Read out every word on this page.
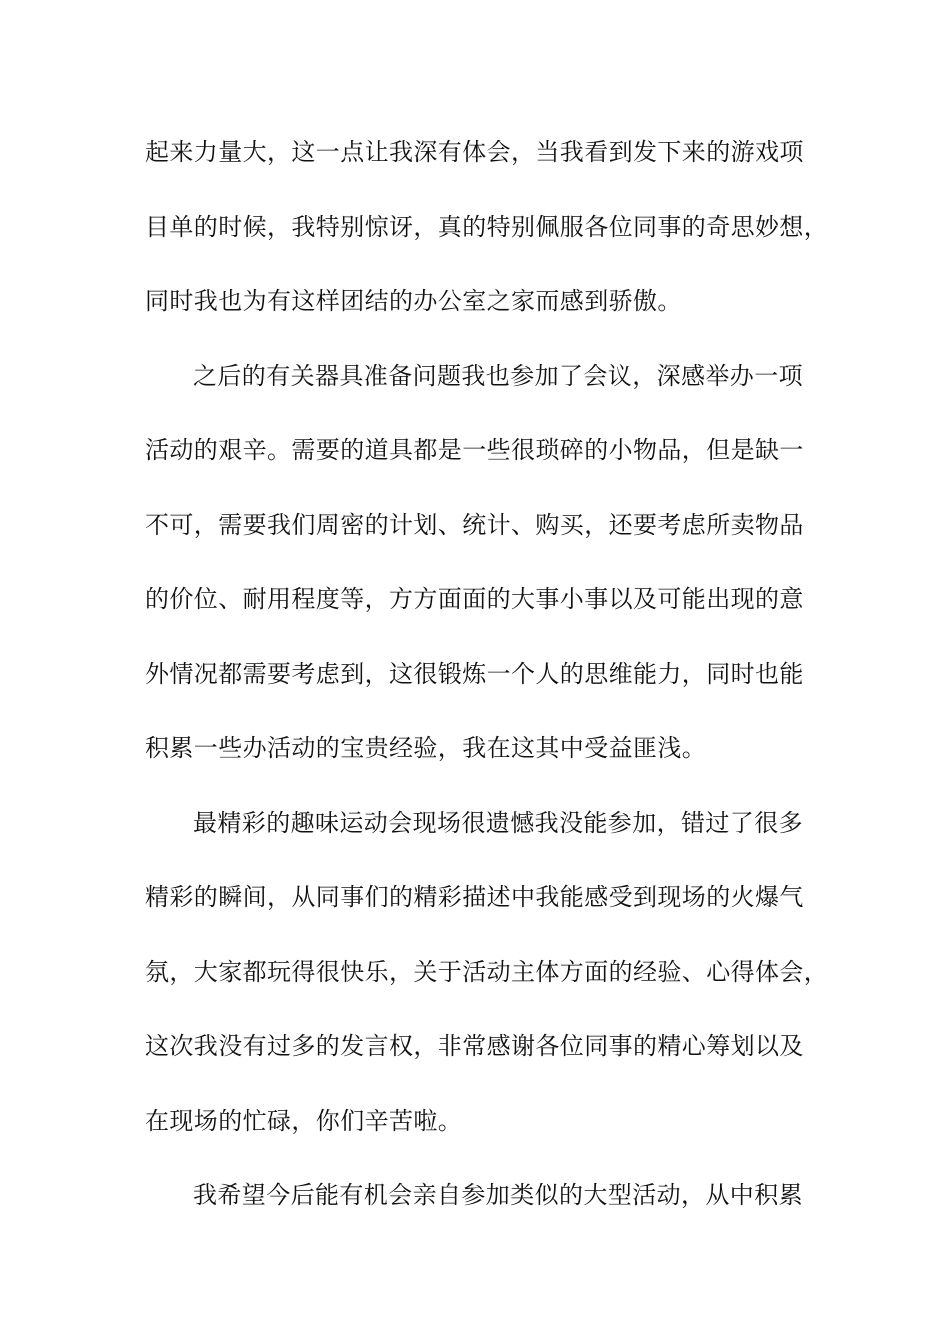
起来力量大，这一点让我深有体会，当我看到发下来的游戏项
目单的时候，我特别惊讶，真的特别佩服各位同事的奇思妙想，
同时我也为有这样团结的办公室之家而感到骄傲。
之后的有关器具准备问题我也参加了会议，深感举办一项
活动的艰辛。需要的道具都是一些很琐碎的小物品，但是缺一
不可，需要我们周密的计划、统计、购买，还要考虑所卖物品
的价位、耐用程度等，方方面面的大事小事以及可能出现的意
外情况都需要考虑到，这很锻炼一个人的思维能力，同时也能
积累一些办活动的宝贵经验，我在这其中受益匪浅。
最精彩的趣味运动会现场很遗憾我没能参加，错过了很多
精彩的瞬间，从同事们的精彩描述中我能感受到现场的火爆气
氛，大家都玩得很快乐，关于活动主体方面的经验、心得体会，
这次我没有过多的发言权，非常感谢各位同事的精心筹划以及
在现场的忙碌，你们辛苦啦。
我希望今后能有机会亲自参加类似的大型活动，从中积累
